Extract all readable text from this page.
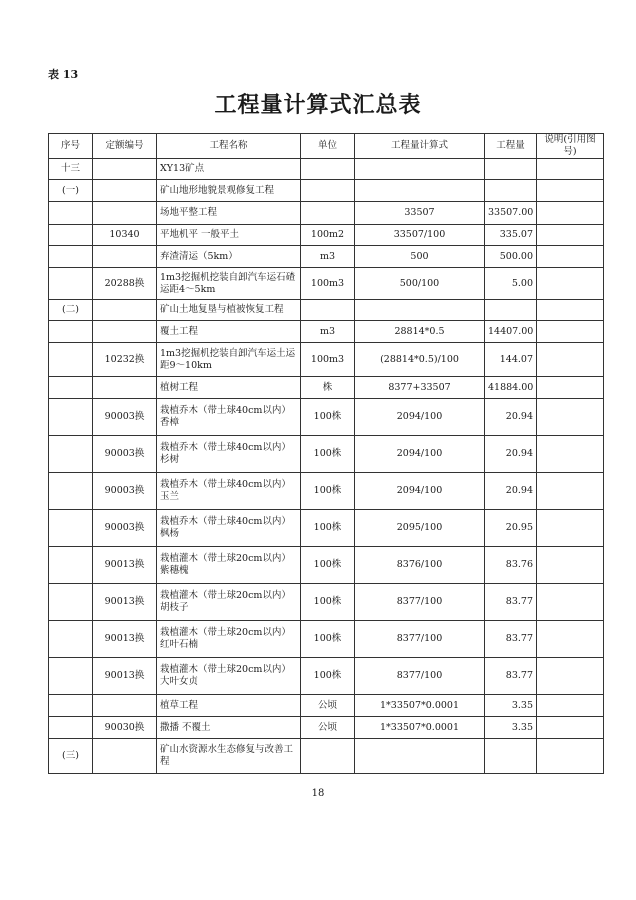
表 13
工程量计算式汇总表
序号	定额编号	工程名称	单位	工程量计算式	工程量	说明(引用图号)
十三		XY13矿点				
(一)		矿山地形地貌景观修复工程				
		场地平整工程		33507	33507.00	
	10340	平地机平 一般平土	100m2	33507/100	335.07	
		弃渣清运（5km）	m3	500	500.00	
	20288换	1m3挖掘机挖装自卸汽车运石碴运距4～5km	100m3	500/100	5.00	
(二)		矿山土地复垦与植被恢复工程				
		覆土工程	m3	28814*0.5	14407.00	
	10232换	1m3挖掘机挖装自卸汽车运土运距9～10km	100m3	(28814*0.5)/100	144.07	
		植树工程	株	8377+33507	41884.00	
	90003换	栽植乔木（带土球40cm以内）香樟	100株	2094/100	20.94	
	90003换	栽植乔木（带土球40cm以内）杉树	100株	2094/100	20.94	
	90003换	栽植乔木（带土球40cm以内）玉兰	100株	2094/100	20.94	
	90003换	栽植乔木（带土球40cm以内）枫杨	100株	2095/100	20.95	
	90013换	栽植灌木（带土球20cm以内）紫穗槐	100株	8376/100	83.76	
	90013换	栽植灌木（带土球20cm以内）胡枝子	100株	8377/100	83.77	
	90013换	栽植灌木（带土球20cm以内）红叶石楠	100株	8377/100	83.77	
	90013换	栽植灌木（带土球20cm以内）大叶女贞	100株	8377/100	83.77	
		植草工程	公顷	1*33507*0.0001	3.35	
	90030换	撒播 不覆土	公顷	1*33507*0.0001	3.35	
(三)		矿山水资源水生态修复与改善工程				
18
